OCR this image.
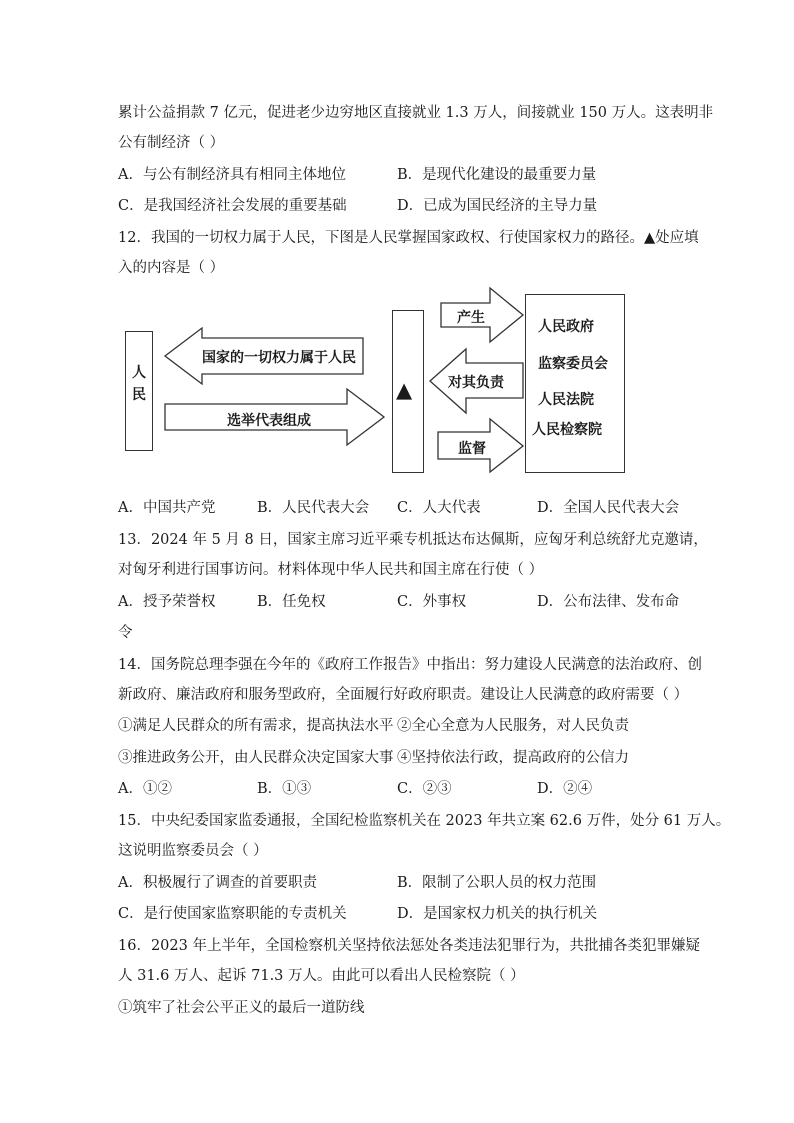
累计公益捐款 7 亿元，促进老少边穷地区直接就业 1.3 万人，间接就业 150 万人。这表明非
公有制经济（ ）
A．与公有制经济具有相同主体地位	B．是现代化建设的最重要力量
C．是我国经济社会发展的重要基础	D．已成为国民经济的主导力量
12．我国的一切权力属于人民，下图是人民掌握国家政权、行使国家权力的路径。▲处应填
入的内容是（ ）
人民
国家的一切权力属于人民
选举代表组成
▲
产生
对其负责
监督
人民政府
监察委员会
人民法院
人民检察院
A．中国共产党	B．人民代表大会 C．人大代表	D．全国人民代表大会
13．2024 年 5 月 8 日，国家主席习近平乘专机抵达布达佩斯，应匈牙利总统舒尤克邀请，
对匈牙利进行国事访问。材料体现中华人民共和国主席在行使（ ）
A．授予荣誉权	B．任免权	C．外事权	D．公布法律、发布命
令
14．国务院总理李强在今年的《政府工作报告》中指出：努力建设人民满意的法治政府、创
新政府、廉洁政府和服务型政府，全面履行好政府职责。建设让人民满意的政府需要（ ）
①满足人民群众的所有需求，提高执法水平 ②全心全意为人民服务，对人民负责
③推进政务公开，由人民群众决定国家大事 ④坚持依法行政，提高政府的公信力
A．①②	B．①③	C．②③	D．②④
15．中央纪委国家监委通报，全国纪检监察机关在 2023 年共立案 62.6 万件，处分 61 万人。
这说明监察委员会（ ）
A．积极履行了调查的首要职责	B．限制了公职人员的权力范围
C．是行使国家监察职能的专责机关	D．是国家权力机关的执行机关
16．2023 年上半年，全国检察机关坚持依法惩处各类违法犯罪行为，共批捕各类犯罪嫌疑
人 31.6 万人、起诉 71.3 万人。由此可以看出人民检察院（ ）
①筑牢了社会公平正义的最后一道防线
